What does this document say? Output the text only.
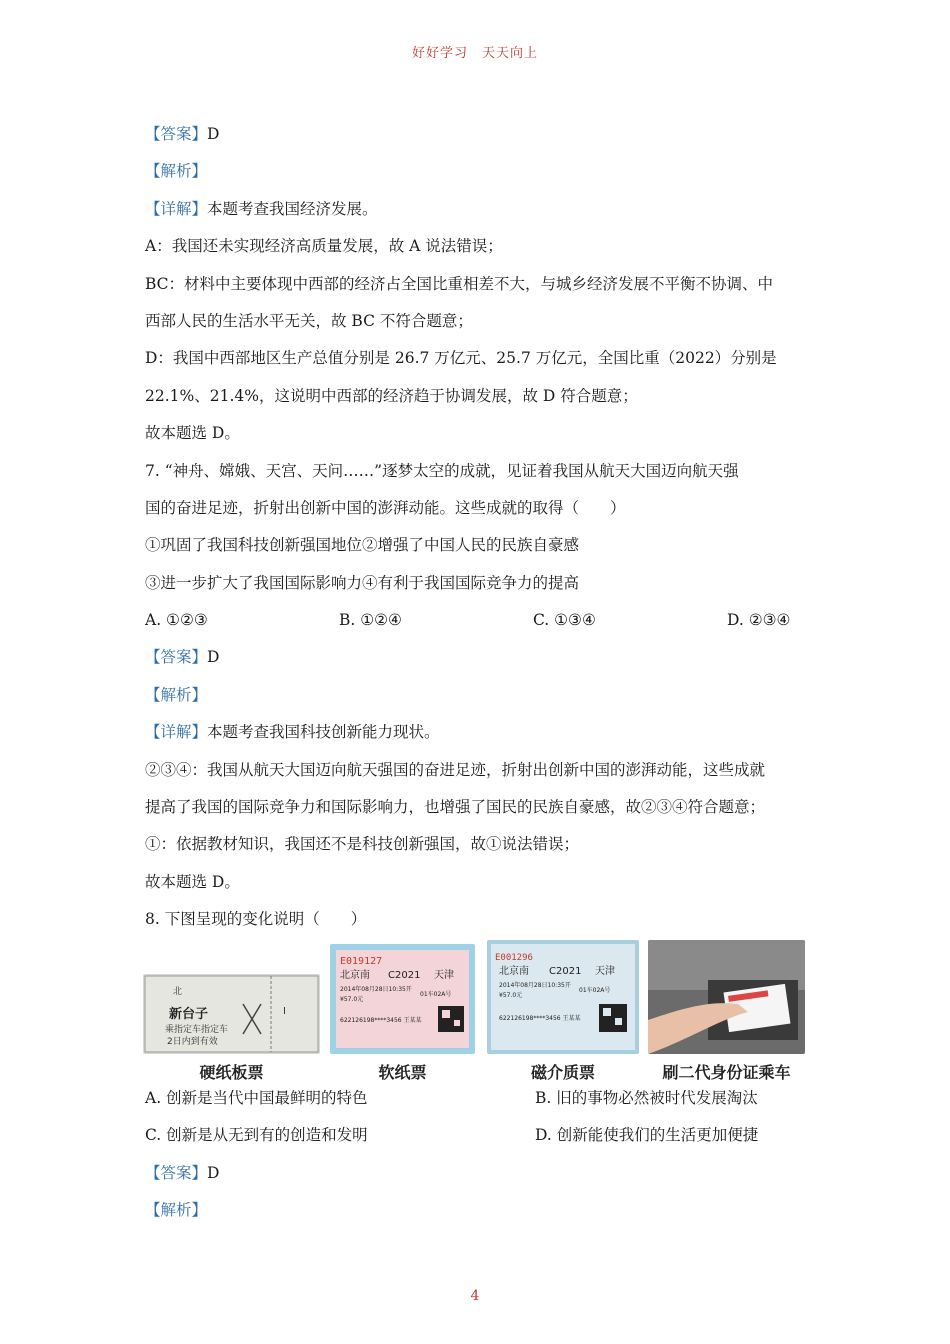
好好学习 天天向上
【答案】D
【解析】
【详解】本题考查我国经济发展。
A：我国还未实现经济高质量发展，故 A 说法错误；
BC：材料中主要体现中西部的经济占全国比重相差不大，与城乡经济发展不平衡不协调、中
西部人民的生活水平无关，故 BC 不符合题意；
D：我国中西部地区生产总值分别是 26.7 万亿元、25.7 万亿元，全国比重（2022）分别是
22.1%、21.4%，这说明中西部的经济趋于协调发展，故 D 符合题意；
故本题选 D。
7. “神舟、嫦娥、天宫、天问……”逐梦太空的成就，见证着我国从航天大国迈向航天强
国的奋进足迹，折射出创新中国的澎湃动能。这些成就的取得（　　）
①巩固了我国科技创新强国地位②增强了中国人民的民族自豪感
③进一步扩大了我国国际影响力④有利于我国国际竞争力的提高
A. ①②③	B. ①②④	C. ①③④	D. ②③④
【答案】D
【解析】
【详解】本题考查我国科技创新能力现状。
②③④：我国从航天大国迈向航天强国的奋进足迹，折射出创新中国的澎湃动能，这些成就
提高了我国的国际竞争力和国际影响力，也增强了国民的民族自豪感，故②③④符合题意；
①：依据教材知识，我国还不是科技创新强国，故①说法错误；
故本题选 D。
8. 下图呈现的变化说明（　　）
北
新台子
乘指定车指定车
2日内到有效
I
E019127
北京南 C2021 天津
2014年08月28日10:35开
¥57.0元
01车02A号
622126198****3456 王某某
E001296
北京南 C2021 天津
2014年08月28日10:35开
¥57.0元
01车02A号
622126198****3456 王某某
硬纸板票	软纸票	磁介质票	刷二代身份证乘车
A. 创新是当代中国最鲜明的特色	B. 旧的事物必然被时代发展淘汰
C. 创新是从无到有的创造和发明	D. 创新能使我们的生活更加便捷
【答案】D
【解析】
4
